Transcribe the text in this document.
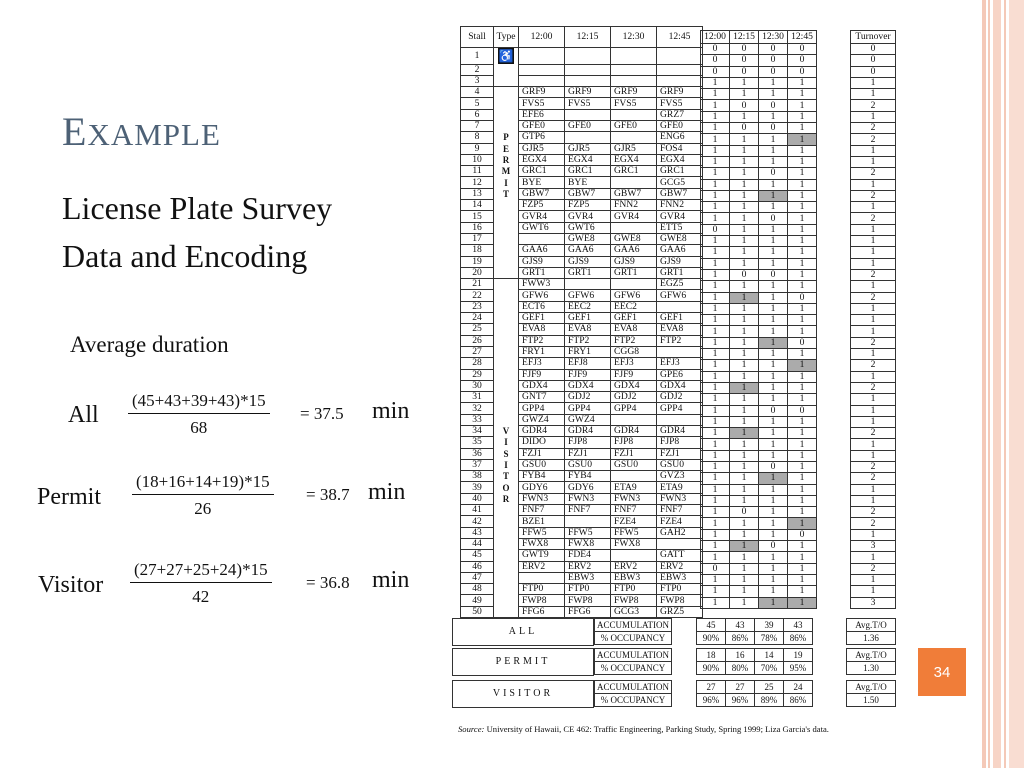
EXAMPLE
License Plate Survey
Data and Encoding
Average duration
All $\frac{(45+43+39+43)*15}{68} = 37.5$ min
Permit $\frac{(18+16+14+19)*15}{26} = 38.7$ min
Visitor $\frac{(27+27+25+24)*15}{42} = 36.8$ min
Stall	Type	12:00	12:15	12:30	12:45
1	♿				
2					
3					
4		GRF9	GRF9	GRF9	GRF9
5		FVS5	FVS5	FVS5	FVS5
6		EFE6			GRZ7
7		GFE0	GFE0	GFE0	GFE0
8	P	GTP6			ENG6
9	E	GJR5	GJR5	GJR5	FOS4
10	R	EGX4	EGX4	EGX4	EGX4
11	M	GRC1	GRC1	GRC1	GRC1
12	I	BYE	BYE		GCG5
13	T	GBW7	GBW7	GBW7	GBW7
14		FZP5	FZP5	FNN2	FNN2
15		GVR4	GVR4	GVR4	GVR4
16		GWT6	GWT6		ETT5
17			GWE8	GWE8	GWE8
18		GAA6	GAA6	GAA6	GAA6
19		GJS9	GJS9	GJS9	GJS9
20		GRT1	GRT1	GRT1	GRT1
21		FWW3			EGZ5
22		GFW6	GFW6	GFW6	GFW6
23		ECT6	EEC2	EEC2	
24		GEF1	GEF1	GEF1	GEF1
25		EVA8	EVA8	EVA8	EVA8
26		FTP2	FTP2	FTP2	FTP2
27		FRY1	FRY1	CGG8	
28		EFJ3	EFJ8	EFJ3	EFJ3
29		FJF9	FJF9	FJF9	GPE6
30		GDX4	GDX4	GDX4	GDX4
31		GNT7	GDJ2	GDJ2	GDJ2
32		GPP4	GPP4	GPP4	GPP4
33		GWZ4	GWZ4		
34	V	GDR4	GDR4	GDR4	GDR4
35	I	DIDO	FJP8	FJP8	FJP8
36	S	FZJ1	FZJ1	FZJ1	FZJ1
37	I	GSU0	GSU0	GSU0	GSU0
38	T	FYB4	FYB4		GVZ3
39	O	GDY6	GDY6	ETA9	ETA9
40	R	FWN3	FWN3	FWN3	FWN3
41		FNF7	FNF7	FNF7	FNF7
42		BZE1		FZE4	FZE4
43		FFW5	FFW5	FFW5	GAH2
44		FWX8	FWX8	FWX8	
45		GWT9	FDE4		GATT
46		ERV2	ERV2	ERV2	ERV2
47			EBW3	EBW3	EBW3
48		FTP0	FTP0	FTP0	FTP0
49		FWP8	FWP8	FWP8	FWP8
50		FFG6	FFG6	GCG3	GRZ5
12:00	12:15	12:30	12:45
0	0	0	0
0	0	0	0
0	0	0	0
1	1	1	1
1	1	1	1
1	0	0	1
1	1	1	1
1	0	0	1
1	1	1	1
1	1	1	1
1	1	1	1
1	1	0	1
1	1	1	1
1	1	1	1
1	1	1	1
1	1	0	1
0	1	1	1
1	1	1	1
1	1	1	1
1	1	1	1
1	0	0	1
1	1	1	1
1	1	1	0
1	1	1	1
1	1	1	1
1	1	1	1
1	1	1	0
1	1	1	1
1	1	1	1
1	1	1	1
1	1	1	1
1	1	1	1
1	1	0	0
1	1	1	1
1	1	1	1
1	1	1	1
1	1	1	1
1	1	0	1
1	1	1	1
1	1	1	1
1	1	1	1
1	0	1	1
1	1	1	1
1	1	1	0
1	1	0	1
1	1	1	1
0	1	1	1
1	1	1	1
1	1	1	1
1	1	1	1
Turnover
0
0
0
1
1
2
1
2
2
1
1
2
1
2
1
2
1
1
1
1
2
1
2
1
1
1
2
1
2
1
2
1
1
1
2
1
1
2
2
1
1
2
2
1
3
1
2
1
1
3
ALL
ACCUMULATION
% OCCUPANCY
45	43	39	43
90%	86%	78%	86%
Avg.T/O
1.36
PERMIT
ACCUMULATION
% OCCUPANCY
18	16	14	19
90%	80%	70%	95%
Avg.T/O
1.30
VISITOR
ACCUMULATION
% OCCUPANCY
27	27	25	24
96%	96%	89%	86%
Avg.T/O
1.50
Source: University of Hawaii, CE 462: Traffic Engineering, Parking Study, Spring 1999; Liza Garcia's data.
34
